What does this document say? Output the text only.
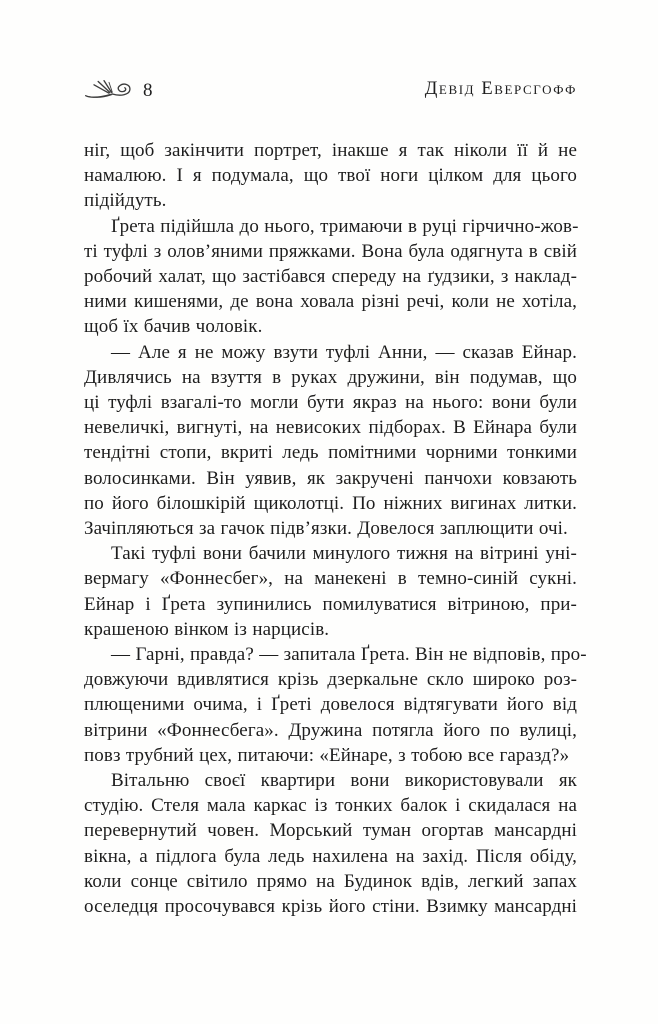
8	Девід Еверсгофф
ніг, щоб закінчити портрет, інакше я так ніколи її й не
намалюю. І я подумала, що твої ноги цілком для цього
підійдуть.
Ґрета підійшла до нього, тримаючи в руці гірчично-жов-
ті туфлі з олов’яними пряжками. Вона була одягнута в свій
робочий халат, що застібався спереду на ґудзики, з наклад-
ними кишенями, де вона ховала різні речі, коли не хотіла,
щоб їх бачив чоловік.
— Але я не можу взути туфлі Анни, — сказав Ейнар.
Дивлячись на взуття в руках дружини, він подумав, що
ці туфлі взагалі-то могли бути якраз на нього: вони були
невеличкі, вигнуті, на невисоких підборах. В Ейнара були
тендітні стопи, вкриті ледь помітними чорними тонкими
волосинками. Він уявив, як закручені панчохи ковзають
по його білошкірій щиколотці. По ніжних вигинах литки.
Зачіпляються за гачок підв’язки. Довелося заплющити очі.
Такі туфлі вони бачили минулого тижня на вітрині уні-
вермагу «Фоннесбег», на манекені в темно-синій сукні.
Ейнар і Ґрета зупинились помилуватися вітриною, при-
крашеною вінком із нарцисів.
— Гарні, правда? — запитала Ґрета. Він не відповів, про-
довжуючи вдивлятися крізь дзеркальне скло широко роз-
плющеними очима, і Ґреті довелося відтягувати його від
вітрини «Фоннесбега». Дружина потягла його по вулиці,
повз трубний цех, питаючи: «Ейнаре, з тобою все гаразд?»
Вітальню своєї квартири вони використовували як
студію. Стеля мала каркас із тонких балок і скидалася на
перевернутий човен. Морський туман огортав мансардні
вікна, а підлога була ледь нахилена на захід. Після обіду,
коли сонце світило прямо на Будинок вдів, легкий запах
оселедця просочувався крізь його стіни. Взимку мансардні
